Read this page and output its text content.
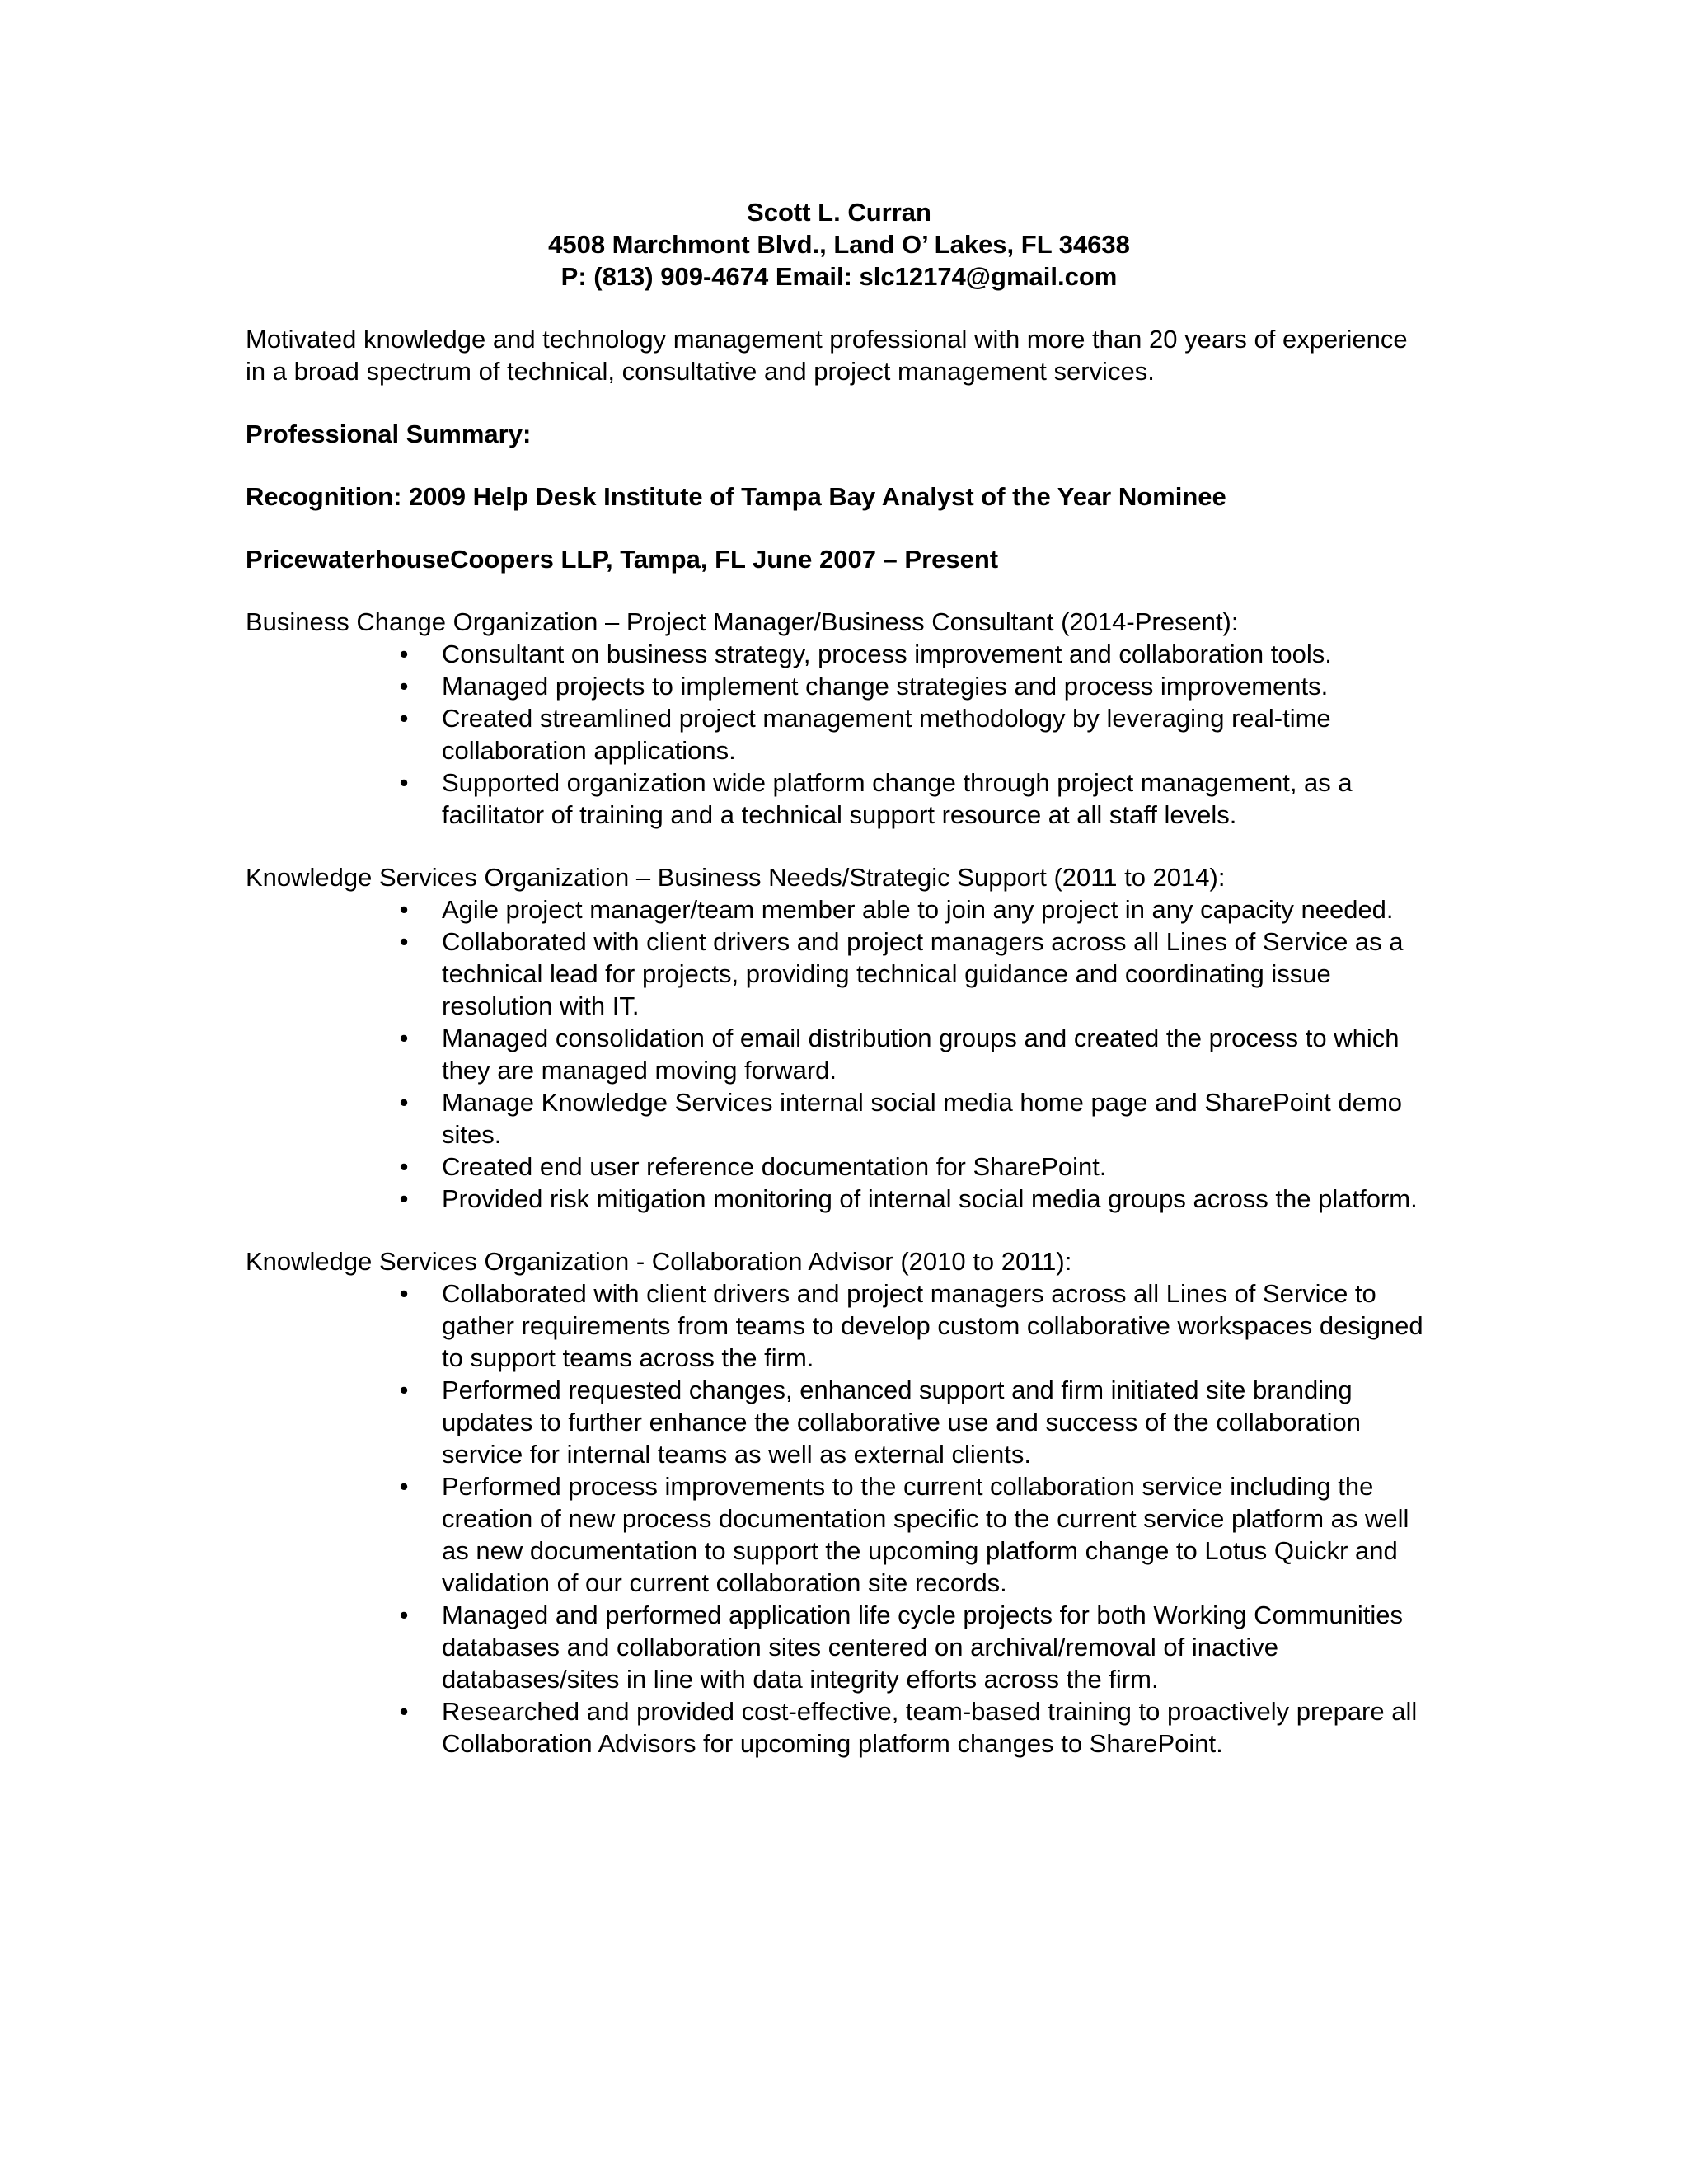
Scott L. Curran
4508 Marchmont Blvd., Land O’ Lakes, FL 34638
P: (813) 909-4674 Email: slc12174@gmail.com

Motivated knowledge and technology management professional with more than 20 years of experience in a broad spectrum of technical, consultative and project management services.

Professional Summary:

Recognition: 2009 Help Desk Institute of Tampa Bay Analyst of the Year Nominee

PricewaterhouseCoopers LLP, Tampa, FL June 2007 – Present

Business Change Organization – Project Manager/Business Consultant (2014-Present):

• Consultant on business strategy, process improvement and collaboration tools.
• Managed projects to implement change strategies and process improvements.
• Created streamlined project management methodology by leveraging real-time collaboration applications.
• Supported organization wide platform change through project management, as a facilitator of training and a technical support resource at all staff levels.

Knowledge Services Organization – Business Needs/Strategic Support (2011 to 2014):

• Agile project manager/team member able to join any project in any capacity needed.
• Collaborated with client drivers and project managers across all Lines of Service as a technical lead for projects, providing technical guidance and coordinating issue resolution with IT.
• Managed consolidation of email distribution groups and created the process to which they are managed moving forward.
• Manage Knowledge Services internal social media home page and SharePoint demo sites.
• Created end user reference documentation for SharePoint.
• Provided risk mitigation monitoring of internal social media groups across the platform.

Knowledge Services Organization - Collaboration Advisor (2010 to 2011):

• Collaborated with client drivers and project managers across all Lines of Service to gather requirements from teams to develop custom collaborative workspaces designed to support teams across the firm.
• Performed requested changes, enhanced support and firm initiated site branding updates to further enhance the collaborative use and success of the collaboration service for internal teams as well as external clients.
• Performed process improvements to the current collaboration service including the creation of new process documentation specific to the current service platform as well as new documentation to support the upcoming platform change to Lotus Quickr and validation of our current collaboration site records.
• Managed and performed application life cycle projects for both Working Communities databases and collaboration sites centered on archival/removal of inactive databases/sites in line with data integrity efforts across the firm.
• Researched and provided cost-effective, team-based training to proactively prepare all Collaboration Advisors for upcoming platform changes to SharePoint.
